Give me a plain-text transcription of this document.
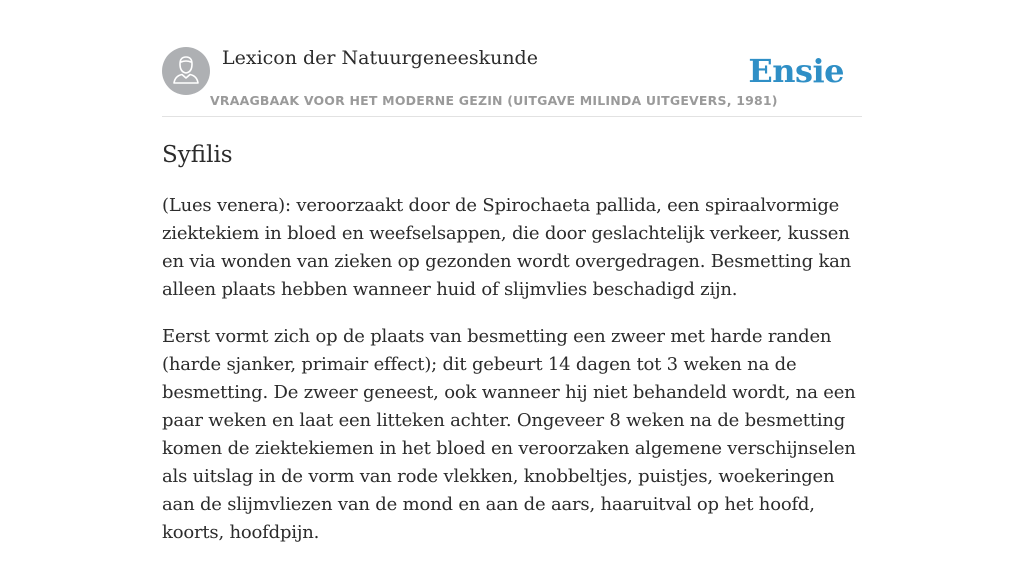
Lexicon der Natuurgeneeskunde
VRAAGBAAK VOOR HET MODERNE GEZIN (UITGAVE MILINDA UITGEVERS, 1981)
Ensie
Syfilis

(Lues venera): veroorzaakt door de Spirochaeta pallida, een spiraalvormige ziektekiem in bloed en weefselsappen, die door geslachtelijk verkeer, kussen en via wonden van zieken op gezonden wordt overgedragen. Besmetting kan alleen plaats hebben wanneer huid of slijmvlies beschadigd zijn.

Eerst vormt zich op de plaats van besmetting een zweer met harde randen (harde sjanker, primair effect); dit gebeurt 14 dagen tot 3 weken na de besmetting. De zweer geneest, ook wanneer hij niet behandeld wordt, na een paar weken en laat een litteken achter. Ongeveer 8 weken na de besmetting komen de ziektekiemen in het bloed en veroorzaken algemene verschijnselen als uitslag in de vorm van rode vlekken, knobbeltjes, puistjes, woekeringen aan de slijmvliezen van de mond en aan de aars, haaruitval op het hoofd, koorts, hoofdpijn.
